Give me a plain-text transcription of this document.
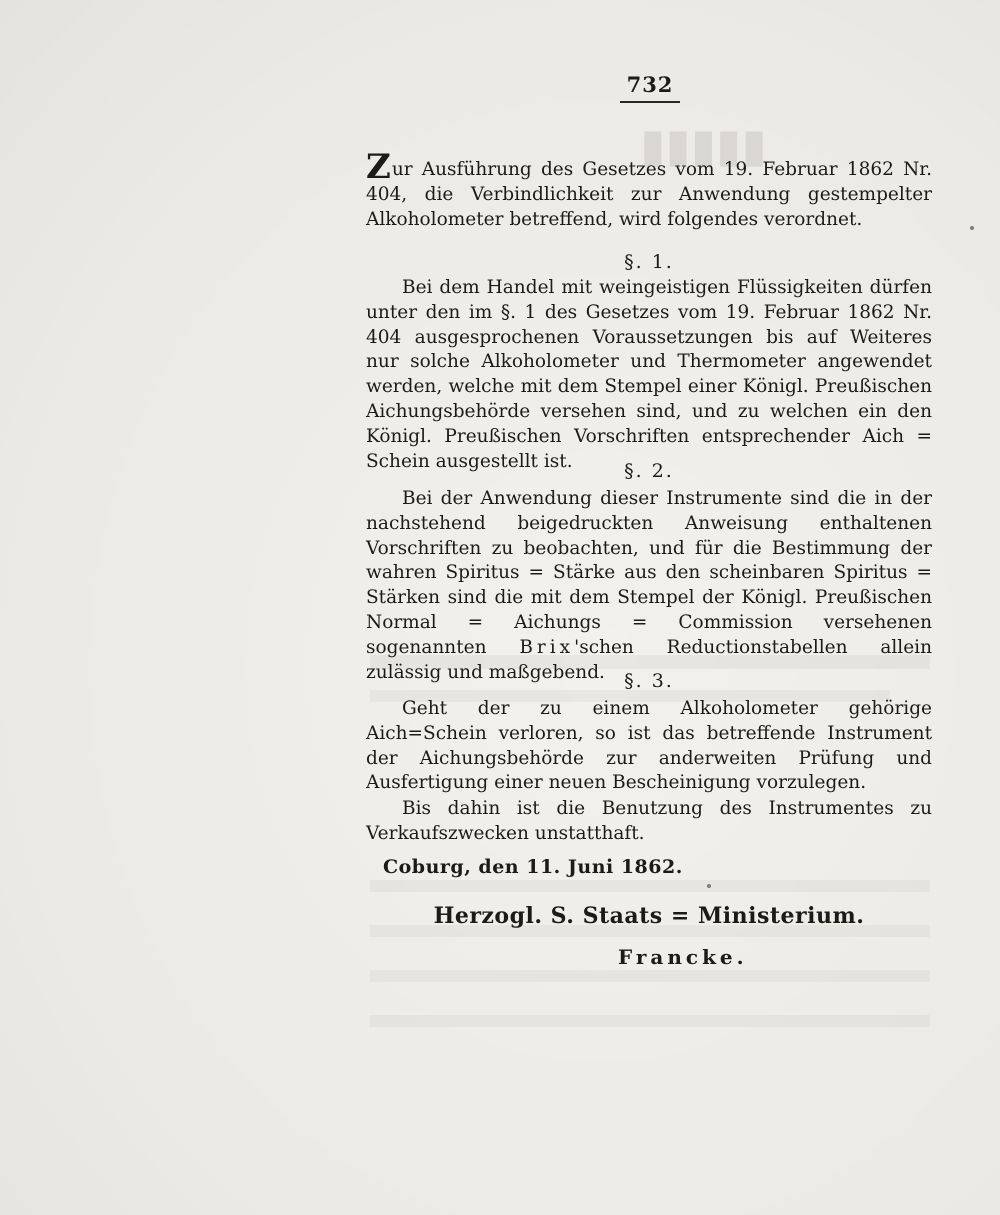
▮▮▮▮▮
732
Zur Ausführung des Gesetzes vom 19. Februar 1862 Nr. 404, die Verbindlichkeit zur Anwendung gestempelter Alkoholometer betreffend, wird folgendes verordnet.
§. 1.
Bei dem Handel mit weingeistigen Flüssigkeiten dürfen unter den im §. 1 des Gesetzes vom 19. Februar 1862 Nr. 404 ausgesprochenen Voraussetzungen bis auf Weiteres nur solche Alkoholometer und Thermometer angewendet werden, welche mit dem Stempel einer Königl. Preußischen Aichungsbehörde versehen sind, und zu welchen ein den Königl. Preußischen Vorschriften entsprechender Aich = Schein ausgestellt ist.	§. 2.
Bei der Anwendung dieser Instrumente sind die in der nachstehend beigedruckten Anweisung enthaltenen Vorschriften zu beobachten, und für die Bestimmung der wahren Spiritus = Stärke aus den scheinbaren Spiritus = Stärken sind die mit dem Stempel der Königl. Preußischen Normal = Aichungs = Commission versehenen sogenannten Brix'schen Reductionstabellen allein zulässig und maßgebend.	§. 3.
Geht der zu einem Alkoholometer gehörige Aich=Schein verloren, so ist das betreffende Instrument der Aichungsbehörde zur anderweiten Prüfung und Ausfertigung einer neuen Bescheinigung vorzulegen.
Bis dahin ist die Benutzung des Instrumentes zu Verkaufszwecken unstatthaft.
Coburg, den 11. Juni 1862.
Herzogl. S. Staats = Ministerium.
Francke.
